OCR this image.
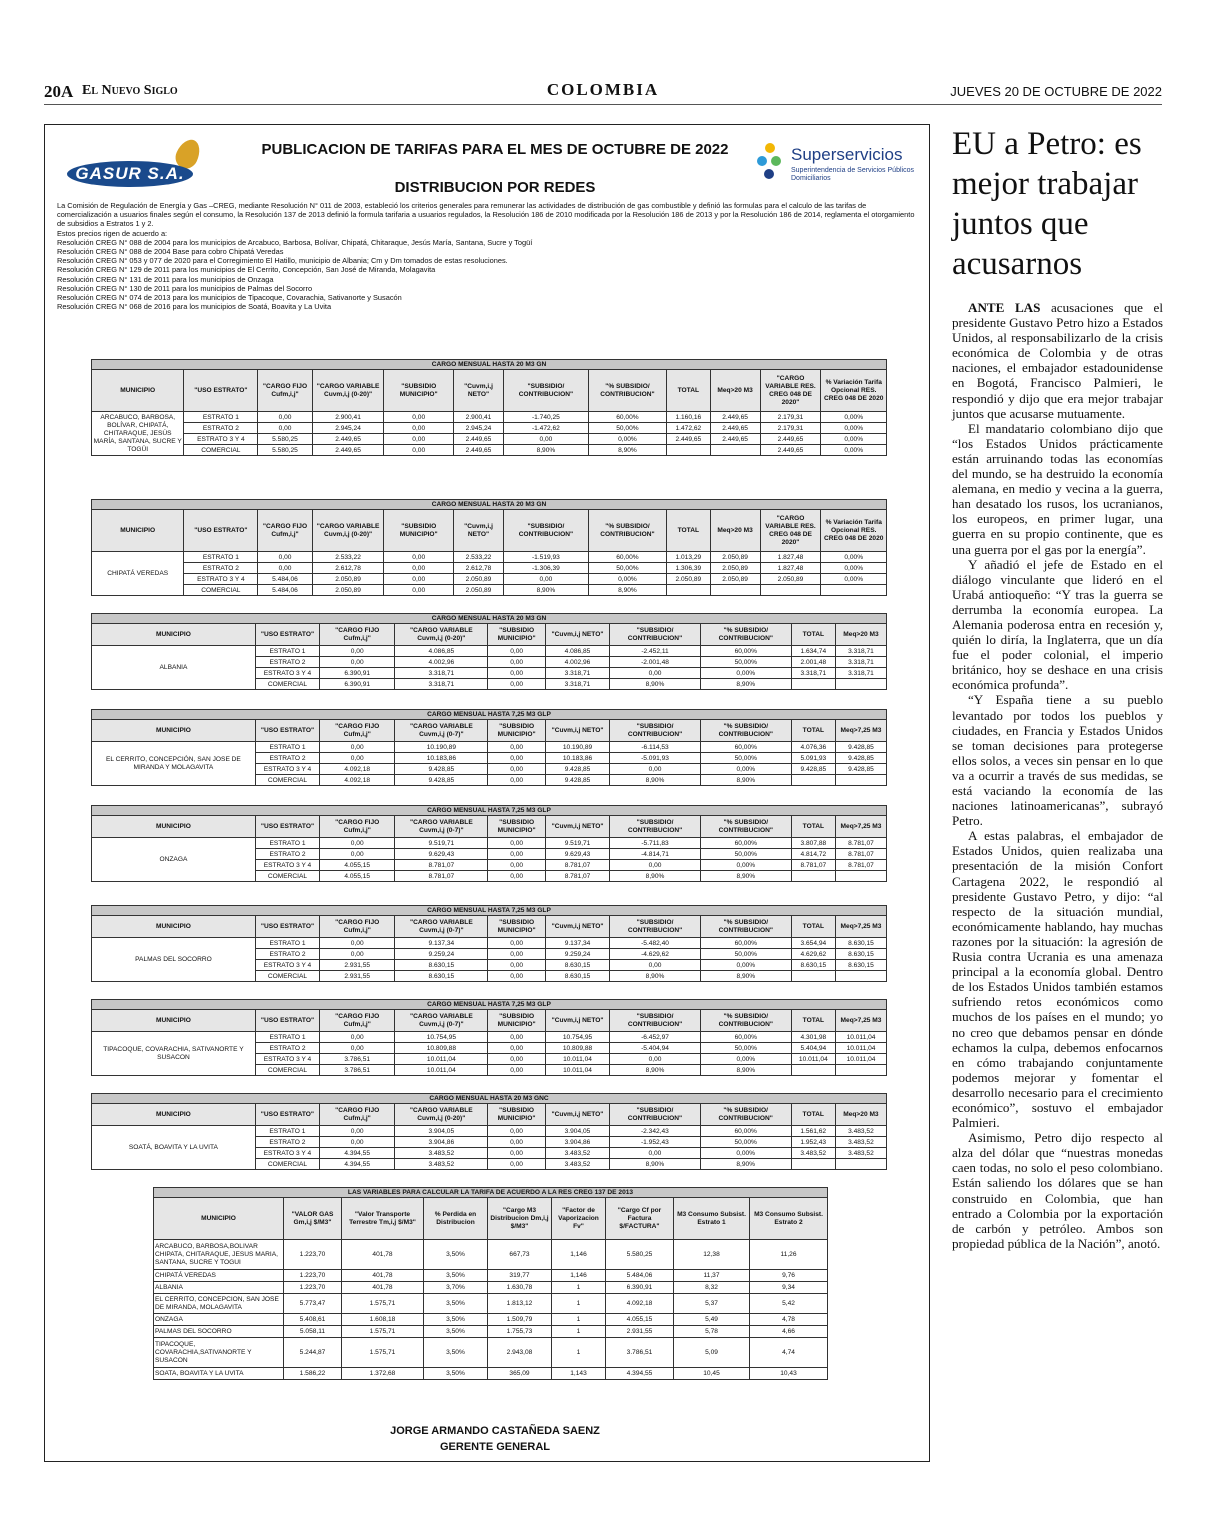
20A El Nuevo Siglo	COLOMBIA	JUEVES 20 DE OCTUBRE DE 2022
GASUR S.A.
PUBLICACION DE TARIFAS PARA EL MES DE OCTUBRE DE 2022
DISTRIBUCION POR REDES
Superservicios
Superintendencia de Servicios Públicos Domiciliarios

La Comisión de Regulación de Energía y Gas –CREG, mediante Resolución N° 011 de 2003, estableció los criterios generales para remunerar las actividades de distribución de gas combustible y definió las formulas para el calculo de las tarifas de comercialización a usuarios finales según el consumo, la Resolución 137 de 2013 definió la formula tarifaria a usuarios regulados, la Resolución 186 de 2010 modificada por la Resolución 186 de 2013 y por la Resolución 186 de 2014, reglamenta el otorgamiento de subsidios a Estratos 1 y 2.

Estos precios rigen de acuerdo a:

Resolución CREG N° 088 de 2004 para los municipios de Arcabuco, Barbosa, Bolívar, Chipatá, Chitaraque, Jesús María, Santana, Sucre y Togüí

Resolución CREG N° 088 de 2004 Base para cobro Chipatá Veredas

Resolución CREG N° 053 y 077 de 2020 para el Corregimiento El Hatillo, municipio de Albania; Cm y Dm tomados de estas resoluciones.

Resolución CREG N° 129 de 2011 para los municipios de El Cerrito, Concepción, San José de Miranda, Molagavita

Resolución CREG N° 131 de 2011 para los municipios de Onzaga

Resolución CREG N° 130 de 2011 para los municipios de Palmas del Socorro

Resolución CREG N° 074 de 2013 para los municipios de Tipacoque, Covarachia, Sativanorte y Susacón

Resolución CREG N° 068 de 2016 para los municipios de Soatá, Boavita y La Uvita

CARGO MENSUAL HASTA 20 M3 GN											
MUNICIPIO	"USO ESTRATO"	"CARGO FIJO Cufm,i,j"	"CARGO VARIABLE Cuvm,i,j (0-20)"	"SUBSIDIO MUNICIPIO"	"Cuvm,i,j NETO"	"SUBSIDIO/ CONTRIBUCION"	"% SUBSIDIO/ CONTRIBUCION"	TOTAL	Meq>20 M3	"CARGO VARIABLE RES. CREG 048 DE 2020"	% Variación Tarifa Opcional RES. CREG 048 DE 2020
ARCABUCO, BARBOSA, BOLÍVAR, CHIPATÁ, CHITARAQUE, JESÚS MARÍA, SANTANA, SUCRE Y TOGÜI	ESTRATO 1	0,00	2.900,41	0,00	2.900,41	-1.740,25	60,00%	1.160,16	2.449,65	2.179,31	0,00%
	ESTRATO 2	0,00	2.945,24	0,00	2.945,24	-1.472,62	50,00%	1.472,62	2.449,65	2.179,31	0,00%
	ESTRATO 3 Y 4	5.580,25	2.449,65	0,00	2.449,65	0,00	0,00%	2.449,65	2.449,65	2.449,65	0,00%
	COMERCIAL	5.580,25	2.449,65	0,00	2.449,65	8,90%	8,90%			2.449,65	0,00%
CARGO MENSUAL HASTA 20 M3 GN											
MUNICIPIO	"USO ESTRATO"	"CARGO FIJO Cufm,i,j"	"CARGO VARIABLE Cuvm,i,j (0-20)"	"SUBSIDIO MUNICIPIO"	"Cuvm,i,j NETO"	"SUBSIDIO/ CONTRIBUCION"	"% SUBSIDIO/ CONTRIBUCION"	TOTAL	Meq>20 M3	"CARGO VARIABLE RES. CREG 048 DE 2020"	% Variación Tarifa Opcional RES. CREG 048 DE 2020
CHIPATÁ VEREDAS	ESTRATO 1	0,00	2.533,22	0,00	2.533,22	-1.519,93	60,00%	1.013,29	2.050,89	1.827,48	0,00%
	ESTRATO 2	0,00	2.612,78	0,00	2.612,78	-1.306,39	50,00%	1.306,39	2.050,89	1.827,48	0,00%
	ESTRATO 3 Y 4	5.484,06	2.050,89	0,00	2.050,89	0,00	0,00%	2.050,89	2.050,89	2.050,89	0,00%
	COMERCIAL	5.484,06	2.050,89	0,00	2.050,89	8,90%	8,90%				
CARGO MENSUAL HASTA 20 M3 GN									
MUNICIPIO	"USO ESTRATO"	"CARGO FIJO Cufm,i,j"	"CARGO VARIABLE Cuvm,i,j (0-20)"	"SUBSIDIO MUNICIPIO"	"Cuvm,i,j NETO"	"SUBSIDIO/ CONTRIBUCION"	"% SUBSIDIO/ CONTRIBUCION"	TOTAL	Meq>20 M3
ALBANIA	ESTRATO 1	0,00	4.086,85	0,00	4.086,85	-2.452,11	60,00%	1.634,74	3.318,71
	ESTRATO 2	0,00	4.002,96	0,00	4.002,96	-2.001,48	50,00%	2.001,48	3.318,71
	ESTRATO 3 Y 4	6.390,91	3.318,71	0,00	3.318,71	0,00	0,00%	3.318,71	3.318,71
	COMERCIAL	6.390,91	3.318,71	0,00	3.318,71	8,90%	8,90%		
CARGO MENSUAL HASTA 7,25 M3 GLP									
MUNICIPIO	"USO ESTRATO"	"CARGO FIJO Cufm,i,j"	"CARGO VARIABLE Cuvm,i,j (0-7)"	"SUBSIDIO MUNICIPIO"	"Cuvm,i,j NETO"	"SUBSIDIO/ CONTRIBUCION"	"% SUBSIDIO/ CONTRIBUCION"	TOTAL	Meq>7,25 M3
EL CERRITO, CONCEPCIÓN, SAN JOSE DE MIRANDA Y MOLAGAVITA	ESTRATO 1	0,00	10.190,89	0,00	10.190,89	-6.114,53	60,00%	4.076,36	9.428,85
	ESTRATO 2	0,00	10.183,86	0,00	10.183,86	-5.091,93	50,00%	5.091,93	9.428,85
	ESTRATO 3 Y 4	4.092,18	9.428,85	0,00	9.428,85	0,00	0,00%	9.428,85	9.428,85
	COMERCIAL	4.092,18	9.428,85	0,00	9.428,85	8,90%	8,90%		
CARGO MENSUAL HASTA 7,25 M3 GLP									
MUNICIPIO	"USO ESTRATO"	"CARGO FIJO Cufm,i,j"	"CARGO VARIABLE Cuvm,i,j (0-7)"	"SUBSIDIO MUNICIPIO"	"Cuvm,i,j NETO"	"SUBSIDIO/ CONTRIBUCION"	"% SUBSIDIO/ CONTRIBUCION"	TOTAL	Meq>7,25 M3
ONZAGA	ESTRATO 1	0,00	9.519,71	0,00	9.519,71	-5.711,83	60,00%	3.807,88	8.781,07
	ESTRATO 2	0,00	9.629,43	0,00	9.629,43	-4.814,71	50,00%	4.814,72	8.781,07
	ESTRATO 3 Y 4	4.055,15	8.781,07	0,00	8.781,07	0,00	0,00%	8.781,07	8.781,07
	COMERCIAL	4.055,15	8.781,07	0,00	8.781,07	8,90%	8,90%		
CARGO MENSUAL HASTA 7,25 M3 GLP									
MUNICIPIO	"USO ESTRATO"	"CARGO FIJO Cufm,i,j"	"CARGO VARIABLE Cuvm,i,j (0-7)"	"SUBSIDIO MUNICIPIO"	"Cuvm,i,j NETO"	"SUBSIDIO/ CONTRIBUCION"	"% SUBSIDIO/ CONTRIBUCION"	TOTAL	Meq>7,25 M3
PALMAS DEL SOCORRO	ESTRATO 1	0,00	9.137,34	0,00	9.137,34	-5.482,40	60,00%	3.654,94	8.630,15
	ESTRATO 2	0,00	9.259,24	0,00	9.259,24	-4.629,62	50,00%	4.629,62	8.630,15
	ESTRATO 3 Y 4	2.931,55	8.630,15	0,00	8.630,15	0,00	0,00%	8.630,15	8.630,15
	COMERCIAL	2.931,55	8.630,15	0,00	8.630,15	8,90%	8,90%		
CARGO MENSUAL HASTA 7,25 M3 GLP									
MUNICIPIO	"USO ESTRATO"	"CARGO FIJO Cufm,i,j"	"CARGO VARIABLE Cuvm,i,j (0-7)"	"SUBSIDIO MUNICIPIO"	"Cuvm,i,j NETO"	"SUBSIDIO/ CONTRIBUCION"	"% SUBSIDIO/ CONTRIBUCION"	TOTAL	Meq>7,25 M3
TIPACOQUE, COVARACHIA, SATIVANORTE Y SUSACON	ESTRATO 1	0,00	10.754,95	0,00	10.754,95	-6.452,97	60,00%	4.301,98	10.011,04
	ESTRATO 2	0,00	10.809,88	0,00	10.809,88	-5.404,94	50,00%	5.404,94	10.011,04
	ESTRATO 3 Y 4	3.786,51	10.011,04	0,00	10.011,04	0,00	0,00%	10.011,04	10.011,04
	COMERCIAL	3.786,51	10.011,04	0,00	10.011,04	8,90%	8,90%		
CARGO MENSUAL HASTA 20 M3 GNC									
MUNICIPIO	"USO ESTRATO"	"CARGO FIJO Cufm,i,j"	"CARGO VARIABLE Cuvm,i,j (0-20)"	"SUBSIDIO MUNICIPIO"	"Cuvm,i,j NETO"	"SUBSIDIO/ CONTRIBUCION"	"% SUBSIDIO/ CONTRIBUCION"	TOTAL	Meq>20 M3
SOATÁ, BOAVITA Y LA UVITA	ESTRATO 1	0,00	3.904,05	0,00	3.904,05	-2.342,43	60,00%	1.561,62	3.483,52
	ESTRATO 2	0,00	3.904,86	0,00	3.904,86	-1.952,43	50,00%	1.952,43	3.483,52
	ESTRATO 3 Y 4	4.394,55	3.483,52	0,00	3.483,52	0,00	0,00%	3.483,52	3.483,52
	COMERCIAL	4.394,55	3.483,52	0,00	3.483,52	8,90%	8,90%		
LAS VARIABLES PARA CALCULAR LA TARIFA DE ACUERDO A LA RES CREG 137 DE 2013								
MUNICIPIO	"VALOR GAS Gm,i,j $/M3"	"Valor Transporte Terrestre Tm,i,j $/M3"	% Perdida en Distribucion	"Cargo M3 Distribucion Dm,i,j $/M3"	"Factor de Vaporizacion Fv"	"Cargo Cf por Factura $/FACTURA"	M3 Consumo Subsist. Estrato 1	M3 Consumo Subsist. Estrato 2
ARCABUCO, BARBOSA,BOLIVAR CHIPATA, CHITARAQUE, JESUS MARIA, SANTANA, SUCRE Y TOGUI	1.223,70	401,78	3,50%	667,73	1,146	5.580,25	12,38	11,26
CHIPATÁ VEREDAS	1.223,70	401,78	3,50%	319,77	1,146	5.484,06	11,37	9,76
ALBANIA	1.223,70	401,78	3,70%	1.630,78	1	6.390,91	8,32	9,34
EL CERRITO, CONCEPCION, SAN JOSE DE MIRANDA, MOLAGAVITA	5.773,47	1.575,71	3,50%	1.813,12	1	4.092,18	5,37	5,42
ONZAGA	5.408,61	1.608,18	3,50%	1.509,79	1	4.055,15	5,49	4,78
PALMAS DEL SOCORRO	5.058,11	1.575,71	3,50%	1.755,73	1	2.931,55	5,78	4,66
TIPACOQUE, COVARACHIA,SATIVANORTE Y SUSACON	5.244,87	1.575,71	3,50%	2.943,08	1	3.786,51	5,09	4,74
SOATA, BOAVITA Y LA UVITA	1.586,22	1.372,68	3,50%	365,09	1,143	4.394,55	10,45	10,43
JORGE ARMANDO CASTAÑEDA SAENZ
GERENTE GENERAL
EU a Petro: es mejor trabajar juntos que acusarnos

ANTE LAS acusaciones que el presidente Gustavo Petro hizo a Estados Unidos, al responsabilizarlo de la crisis económica de Colombia y de otras naciones, el embajador estadounidense en Bogotá, Francisco Palmieri, le respondió y dijo que era mejor trabajar juntos que acusarse mutuamente.

El mandatario colombiano dijo que “los Estados Unidos prácticamente están arruinando todas las economías del mundo, se ha destruido la economía alemana, en medio y vecina a la guerra, han desatado los rusos, los ucranianos, los europeos, en primer lugar, una guerra en su propio continente, que es una guerra por el gas por la energía”.

Y añadió el jefe de Estado en el diálogo vinculante que lideró en el Urabá antioqueño: “Y tras la guerra se derrumba la economía europea. La Alemania poderosa entra en recesión y, quién lo diría, la Inglaterra, que un día fue el poder colonial, el imperio británico, hoy se deshace en una crisis económica profunda”.

“Y España tiene a su pueblo levantado por todos los pueblos y ciudades, en Francia y Estados Unidos se toman decisiones para protegerse ellos solos, a veces sin pensar en lo que va a ocurrir a través de sus medidas, se está vaciando la economía de las naciones latinoamericanas”, subrayó Petro.

A estas palabras, el embajador de Estados Unidos, quien realizaba una presentación de la misión Confort Cartagena 2022, le respondió al presidente Gustavo Petro, y dijo: “al respecto de la situación mundial, económicamente hablando, hay muchas razones por la situación: la agresión de Rusia contra Ucrania es una amenaza principal a la economía global. Dentro de los Estados Unidos también estamos sufriendo retos económicos como muchos de los países en el mundo; yo no creo que debamos pensar en dónde echamos la culpa, debemos enfocarnos en cómo trabajando conjuntamente podemos mejorar y fomentar el desarrollo necesario para el crecimiento económico”, sostuvo el embajador Palmieri.

Asimismo, Petro dijo respecto al alza del dólar que “nuestras monedas caen todas, no solo el peso colombiano. Están saliendo los dólares que se han construido en Colombia, que han entrado a Colombia por la exportación de carbón y petróleo. Ambos son propiedad pública de la Nación”, anotó.
